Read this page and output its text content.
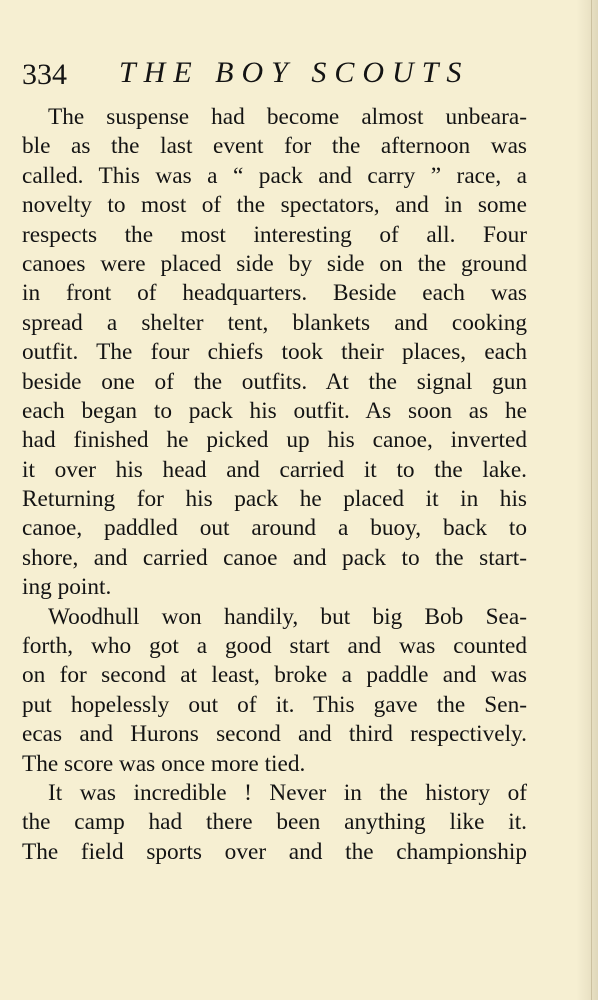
334 THE BOY SCOUTS
The suspense had become almost unbeara-
ble as the last event for the afternoon was
called. This was a “ pack and carry ” race, a
novelty to most of the spectators, and in some
respects the most interesting of all. Four
canoes were placed side by side on the ground
in front of headquarters. Beside each was
spread a shelter tent, blankets and cooking
outfit. The four chiefs took their places, each
beside one of the outfits. At the signal gun
each began to pack his outfit. As soon as he
had finished he picked up his canoe, inverted
it over his head and carried it to the lake.
Returning for his pack he placed it in his
canoe, paddled out around a buoy, back to
shore, and carried canoe and pack to the start-
ing point.
Woodhull won handily, but big Bob Sea-
forth, who got a good start and was counted
on for second at least, broke a paddle and was
put hopelessly out of it. This gave the Sen-
ecas and Hurons second and third respectively.
The score was once more tied.
It was incredible ! Never in the history of
the camp had there been anything like it.
The field sports over and the championship
